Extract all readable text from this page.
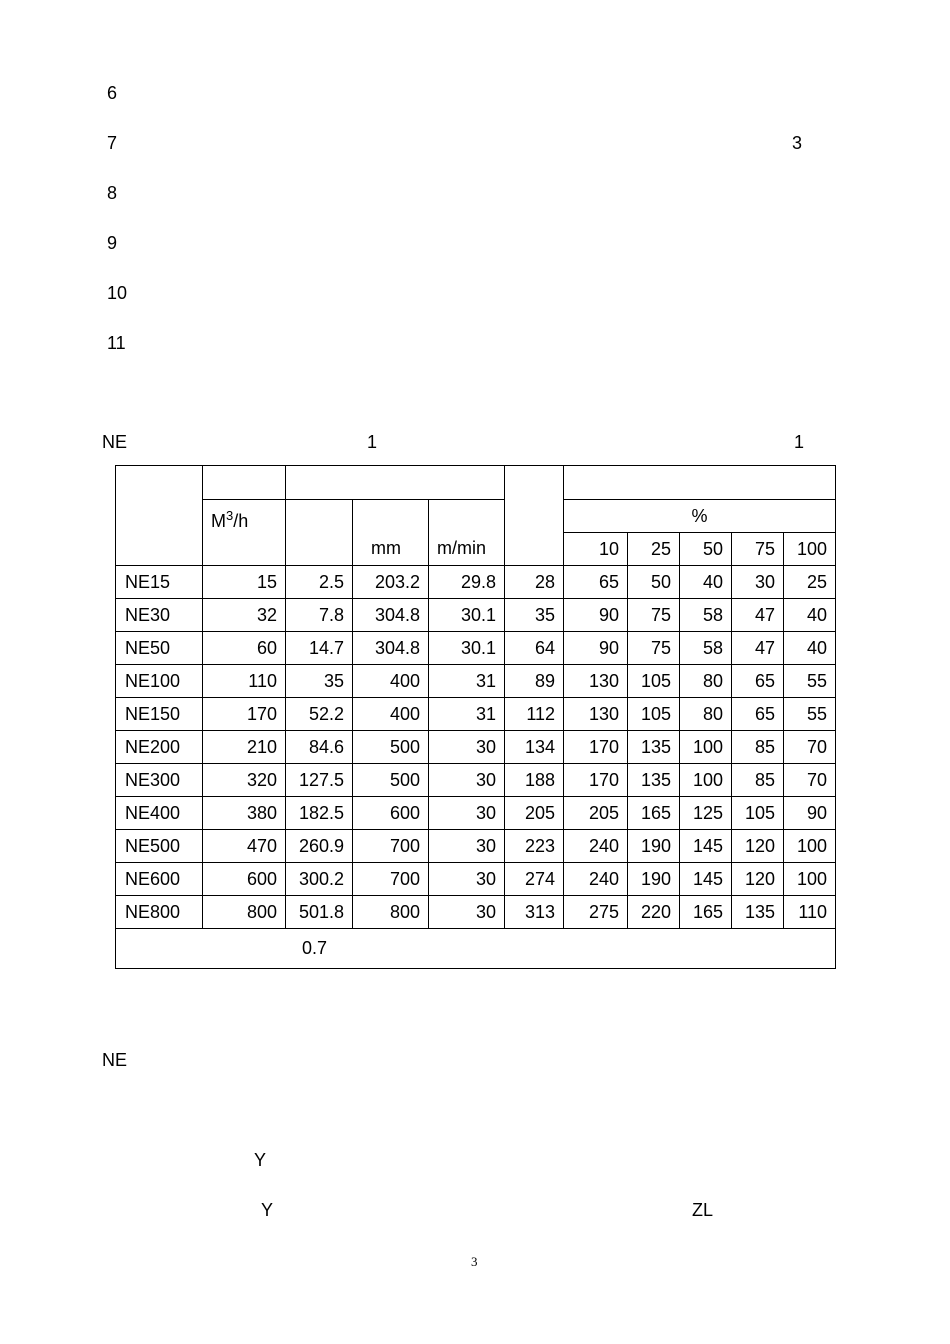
6
7	3
8
9
10
11
NE	1	1

	$M^3/h$		mm	m/min		%				
						10	25	50	75	100
NE15	15	2.5	203.2	29.8	28	65	50	40	30	25
NE30	32	7.8	304.8	30.1	35	90	75	58	47	40
NE50	60	14.7	304.8	30.1	64	90	75	58	47	40
NE100	110	35	400	31	89	130	105	80	65	55
NE150	170	52.2	400	31	112	130	105	80	65	55
NE200	210	84.6	500	30	134	170	135	100	85	70
NE300	320	127.5	500	30	188	170	135	100	85	70
NE400	380	182.5	600	30	205	205	165	125	105	90
NE500	470	260.9	700	30	223	240	190	145	120	100
NE600	600	300.2	700	30	274	240	190	145	120	100
NE800	800	501.8	800	30	313	275	220	165	135	110
0.7										
NE
Y
Y	ZL
3
